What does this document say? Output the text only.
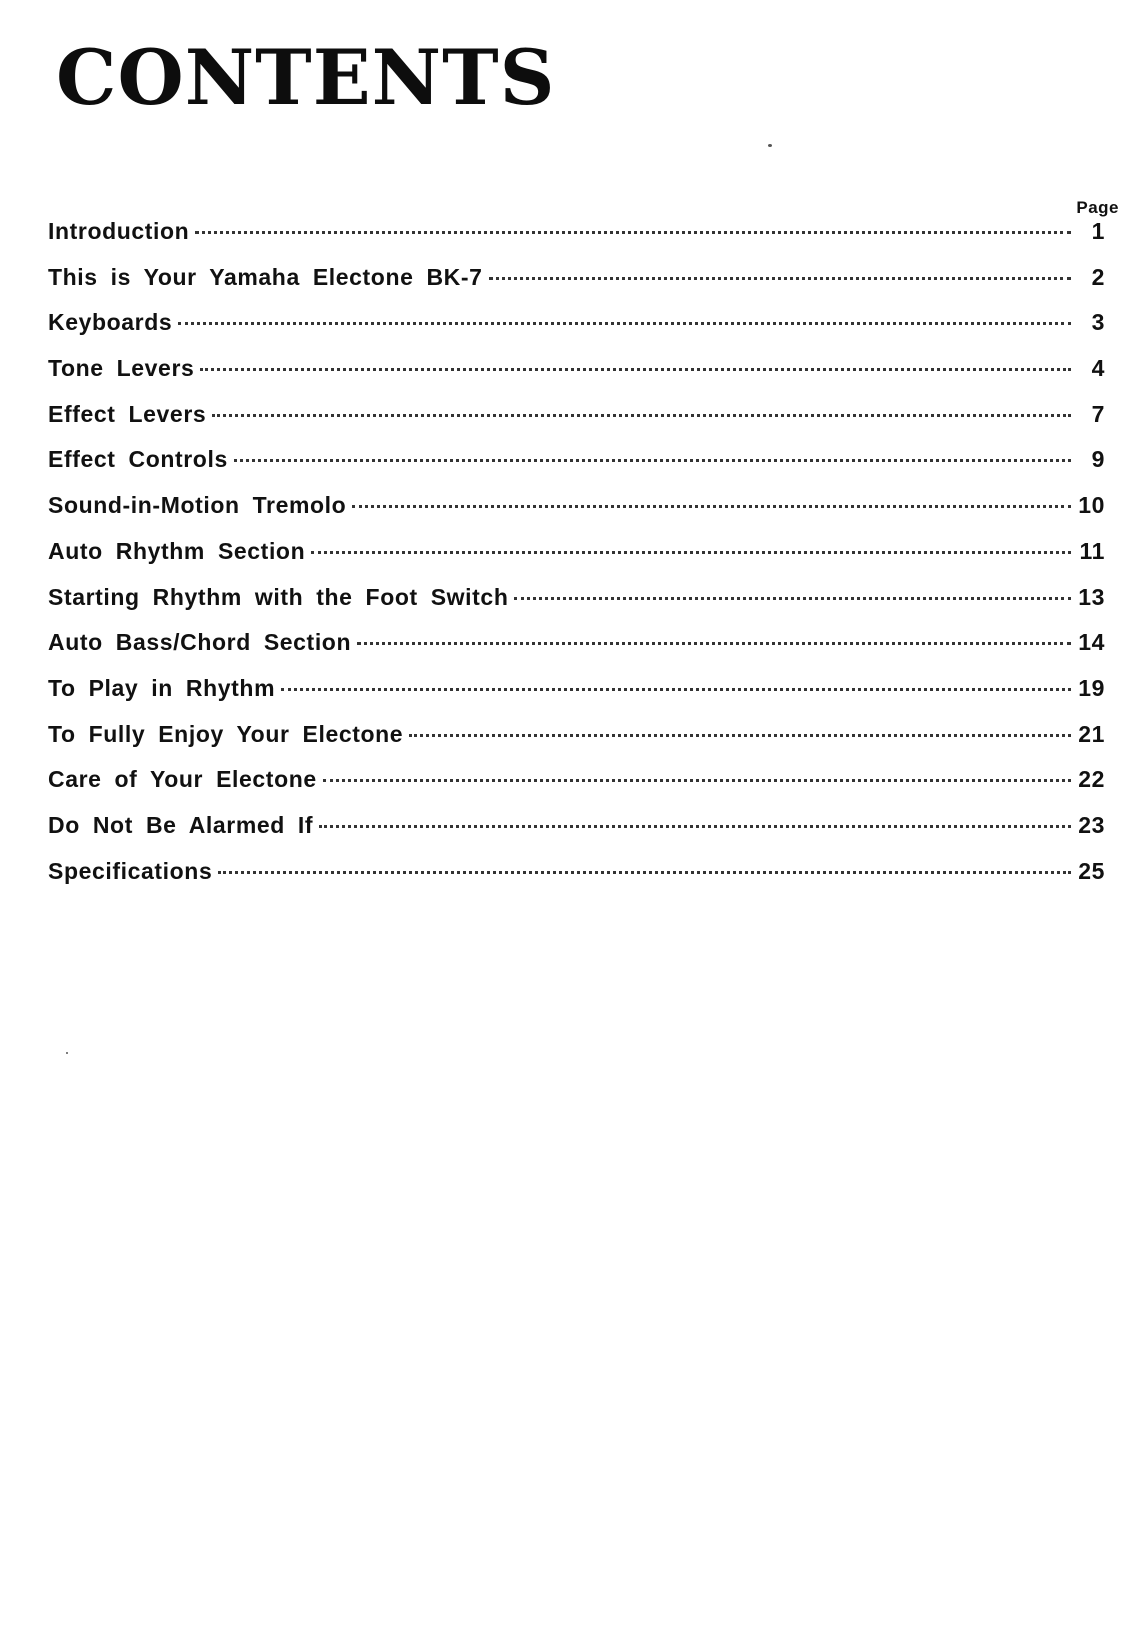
CONTENTS
Page
Introduction	1
This is Your Yamaha Electone BK-7	2
Keyboards	3
Tone Levers	4
Effect Levers	7
Effect Controls	9
Sound-in-Motion Tremolo	10
Auto Rhythm Section	11
Starting Rhythm with the Foot Switch	13
Auto Bass/Chord Section	14
To Play in Rhythm	19
To Fully Enjoy Your Electone	21
Care of Your Electone	22
Do Not Be Alarmed If	23
Specifications	25
